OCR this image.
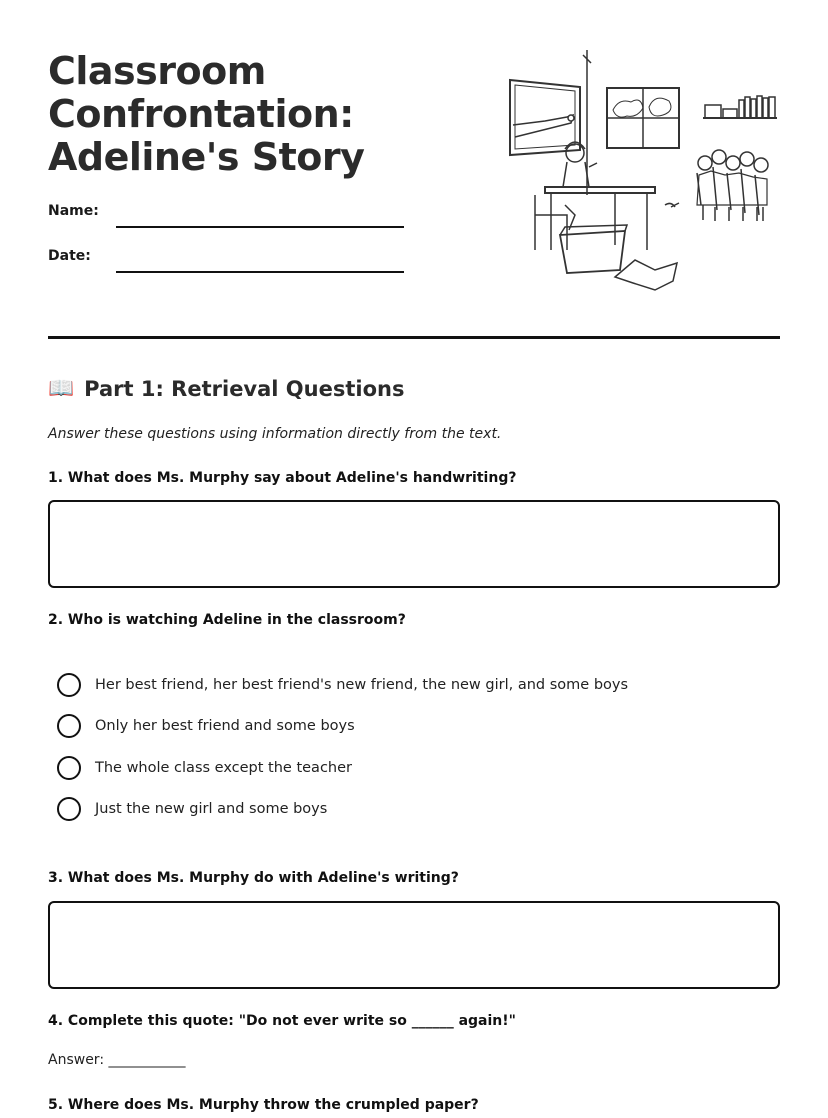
Classroom Confrontation: Adeline's Story
Name:
Date:
📖 Part 1: Retrieval Questions
Answer these questions using information directly from the text.
1. What does Ms. Murphy say about Adeline's handwriting?
2. Who is watching Adeline in the classroom?
Her best friend, her best friend's new friend, the new girl, and some boys
Only her best friend and some boys
The whole class except the teacher
Just the new girl and some boys
3. What does Ms. Murphy do with Adeline's writing?
4. Complete this quote: "Do not ever write so ______ again!"
Answer: ___________
5. Where does Ms. Murphy throw the crumpled paper?
